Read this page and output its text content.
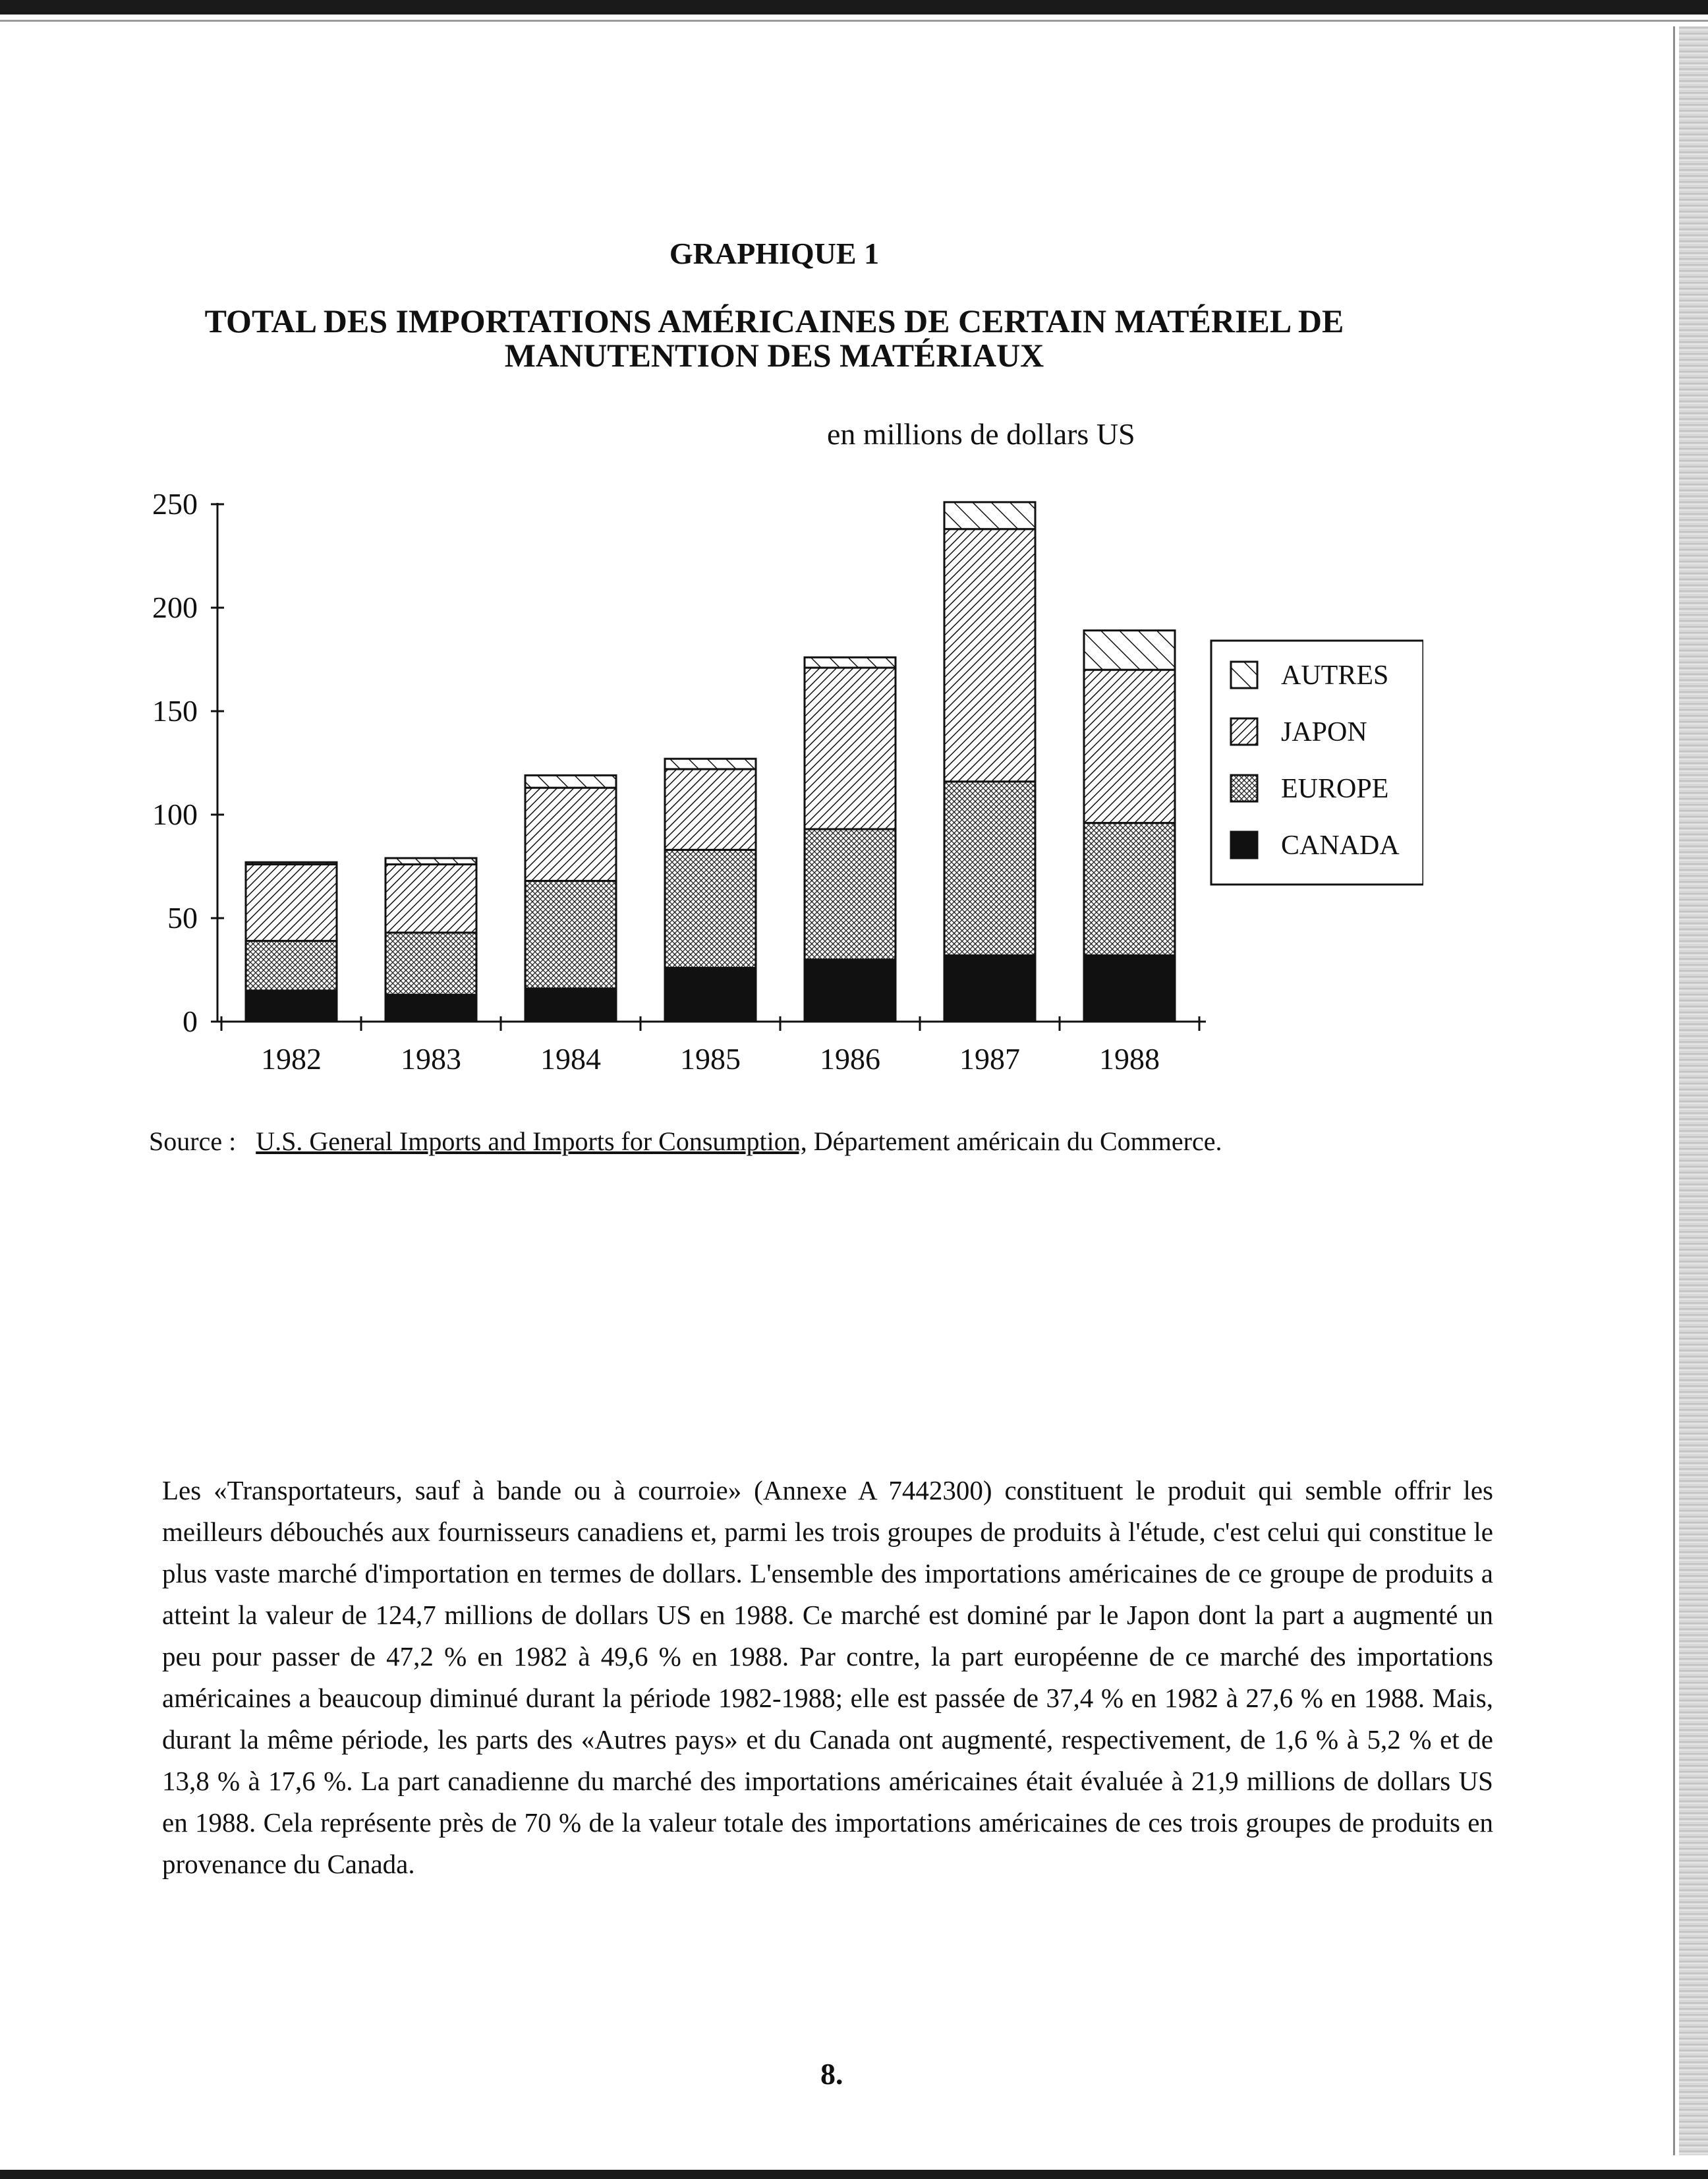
GRAPHIQUE 1
TOTAL DES IMPORTATIONS AMÉRICAINES DE CERTAIN MATÉRIEL DE
MANUTENTION DES MATÉRIAUX
en millions de dollars US
0
50
100
150
200
250
1982	1983	1984	1985	1986	1987	1988
AUTRES
JAPON
EUROPE
CANADA
Source : U.S. General Imports and Imports for Consumption, Département américain du Commerce.

Les «Transportateurs, sauf à bande ou à courroie» (Annexe A 7442300) constituent le produit qui semble offrir les meilleurs débouchés aux fournisseurs canadiens et, parmi les trois groupes de produits à l'étude, c'est celui qui constitue le plus vaste marché d'importation en termes de dollars. L'ensemble des importations américaines de ce groupe de produits a atteint la valeur de 124,7 millions de dollars US en 1988. Ce marché est dominé par le Japon dont la part a augmenté un peu pour passer de 47,2 % en 1982 à 49,6 % en 1988. Par contre, la part européenne de ce marché des importations américaines a beaucoup diminué durant la période 1982-1988; elle est passée de 37,4 % en 1982 à 27,6 % en 1988. Mais, durant la même période, les parts des «Autres pays» et du Canada ont augmenté, respectivement, de 1,6 % à 5,2 % et de 13,8 % à 17,6 %. La part canadienne du marché des importations américaines était évaluée à 21,9 millions de dollars US en 1988. Cela représente près de 70 % de la valeur totale des importations américaines de ces trois groupes de produits en provenance du Canada.

8.
